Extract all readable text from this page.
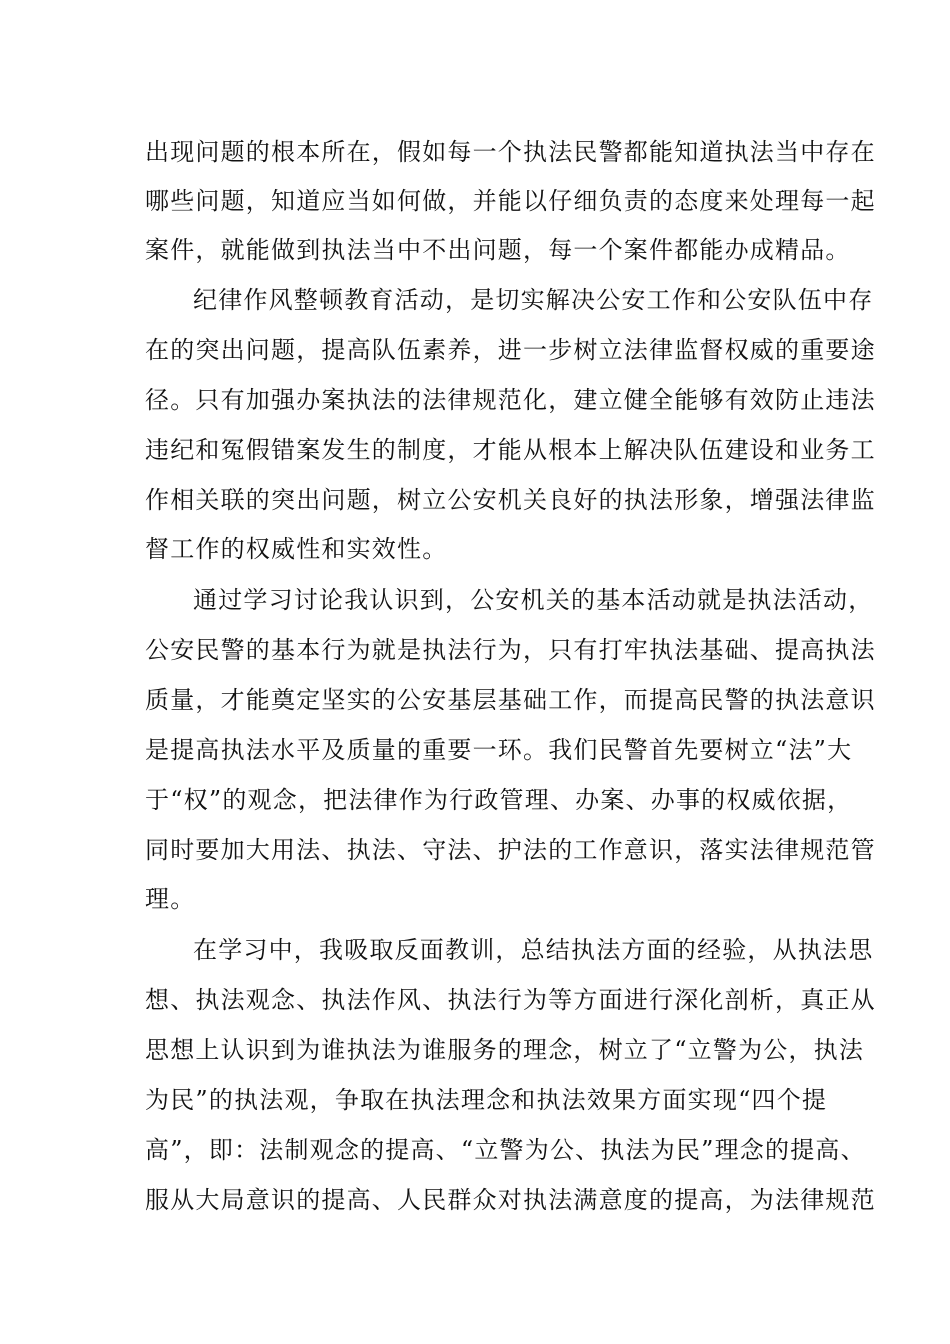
出现问题的根本所在，假如每一个执法民警都能知道执法当中存在
哪些问题，知道应当如何做，并能以仔细负责的态度来处理每一起
案件，就能做到执法当中不出问题，每一个案件都能办成精品。
纪律作风整顿教育活动，是切实解决公安工作和公安队伍中存
在的突出问题，提高队伍素养，进一步树立法律监督权威的重要途
径。只有加强办案执法的法律规范化，建立健全能够有效防止违法
违纪和冤假错案发生的制度，才能从根本上解决队伍建设和业务工
作相关联的突出问题，树立公安机关良好的执法形象，增强法律监
督工作的权威性和实效性。
通过学习讨论我认识到，公安机关的基本活动就是执法活动，
公安民警的基本行为就是执法行为，只有打牢执法基础、提高执法
质量，才能奠定坚实的公安基层基础工作，而提高民警的执法意识
是提高执法水平及质量的重要一环。我们民警首先要树立“法”大
于“权”的观念，把法律作为行政管理、办案、办事的权威依据，
同时要加大用法、执法、守法、护法的工作意识，落实法律规范管
理。
在学习中，我吸取反面教训，总结执法方面的经验，从执法思
想、执法观念、执法作风、执法行为等方面进行深化剖析，真正从
思想上认识到为谁执法为谁服务的理念，树立了“立警为公，执法
为民”的执法观，争取在执法理念和执法效果方面实现“四个提
高”，即：法制观念的提高、“立警为公、执法为民”理念的提高、
服从大局意识的提高、人民群众对执法满意度的提高，为法律规范
